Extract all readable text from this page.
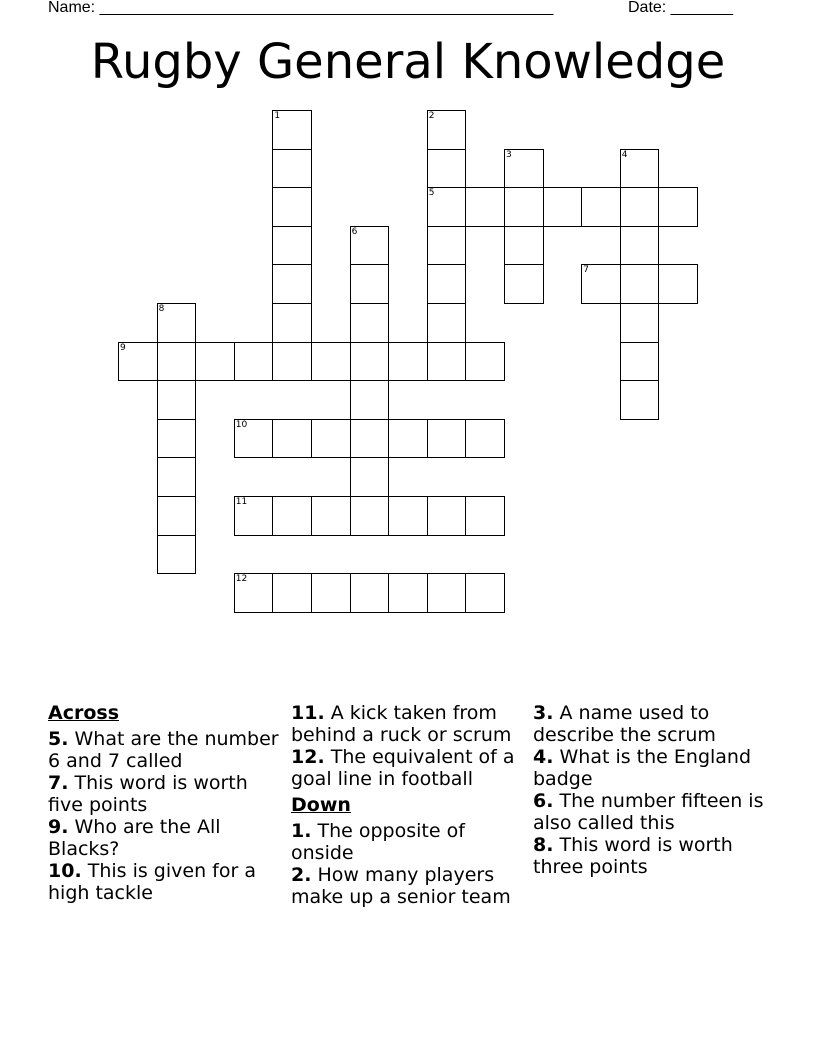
Name: ___________________________________________________	Date: _______
Rugby General Knowledge
1	2
5
3	4
6
7
8
9
10
11
12

Across

5. What are the number 6 and 7 called

7. This word is worth five points

9. Who are the All Blacks?

10. This is given for a high tackle

11. A kick taken from behind a ruck or scrum

12. The equivalent of a goal line in football

Down

1. The opposite of onside

2. How many players make up a senior team

3. A name used to describe the scrum

4. What is the England badge

6. The number fifteen is also called this

8. This word is worth three points
